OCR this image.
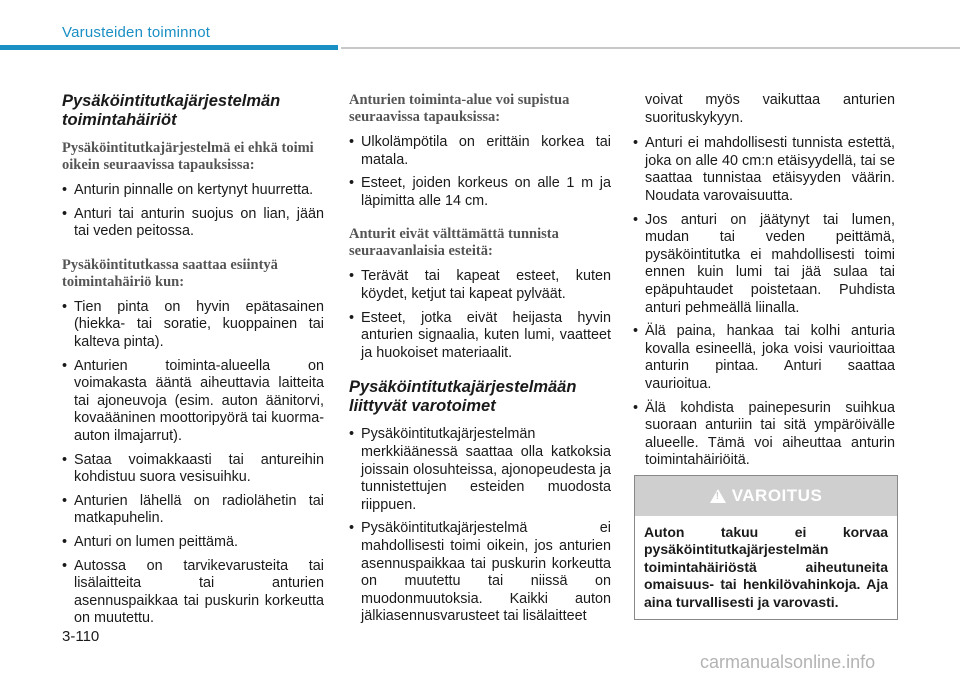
Varusteiden toiminnot
Pysäköintitutkajärjestelmän toimintahäiriöt
Pysäköintitutkajärjestelmä ei ehkä toimi oikein seuraavissa tapauksissa:
• Anturin pinnalle on kertynyt huurretta.
• Anturi tai anturin suojus on lian, jään tai veden peitossa.
Pysäköintitutkassa saattaa esiintyä toimintahäiriö kun:
• Tien pinta on hyvin epätasainen (hiekka- tai soratie, kuoppainen tai kalteva pinta).
• Anturien toiminta-alueella on voimakasta ääntä aiheuttavia laitteita tai ajoneuvoja (esim. auton äänitorvi, kovaääninen moottoripyörä tai kuorma-auton ilmajarrut).
• Sataa voimakkaasti tai antureihin kohdistuu suora vesisuihku.
• Anturien lähellä on radiolähetin tai matkapuhelin.
• Anturi on lumen peittämä.
• Autossa on tarvikevarusteita tai lisälaitteita tai anturien asennuspaikkaa tai puskurin korkeutta on muutettu.
Anturien toiminta-alue voi supistua seuraavissa tapauksissa:
• Ulkolämpötila on erittäin korkea tai matala.
• Esteet, joiden korkeus on alle 1 m ja läpimitta alle 14 cm.
Anturit eivät välttämättä tunnista seuraavanlaisia esteitä:
• Terävät tai kapeat esteet, kuten köydet, ketjut tai kapeat pylväät.
• Esteet, jotka eivät heijasta hyvin anturien signaalia, kuten lumi, vaatteet ja huokoiset materiaalit.
Pysäköintitutkajärjestelmään liittyvät varotoimet
• Pysäköintitutkajärjestelmän merkkiäänessä saattaa olla katkoksia joissain olosuhteissa, ajonopeudesta ja tunnistettujen esteiden muodosta riippuen.
• Pysäköintitutkajärjestelmä ei mahdollisesti toimi oikein, jos anturien asennuspaikkaa tai puskurin korkeutta on muutettu tai niissä on muodonmuutoksia. Kaikki auton jälkiasennusvarusteet tai lisälaitteet

voivat myös vaikuttaa anturien suorituskykyyn.

• Anturi ei mahdollisesti tunnista estettä, joka on alle 40 cm:n etäisyydellä, tai se saattaa tunnistaa etäisyyden väärin. Noudata varovaisuutta.
• Jos anturi on jäätynyt tai lumen, mudan tai veden peittämä, pysäköintitutka ei mahdollisesti toimi ennen kuin lumi tai jää sulaa tai epäpuhtaudet poistetaan. Puhdista anturi pehmeällä liinalla.
• Älä paina, hankaa tai kolhi anturia kovalla esineellä, joka voisi vaurioittaa anturin pintaa. Anturi saattaa vaurioitua.
• Älä kohdista painepesurin suihkua suoraan anturiin tai sitä ympäröivälle alueelle. Tämä voi aiheuttaa anturin toimintahäiriöitä.
!
VAROITUS
Auton takuu ei korvaa pysäköintitutkajärjestelmän toimintahäiriöstä aiheutuneita omaisuus- tai henkilövahinkoja. Aja aina turvallisesti ja varovasti.
3-110
carmanualsonline.info
